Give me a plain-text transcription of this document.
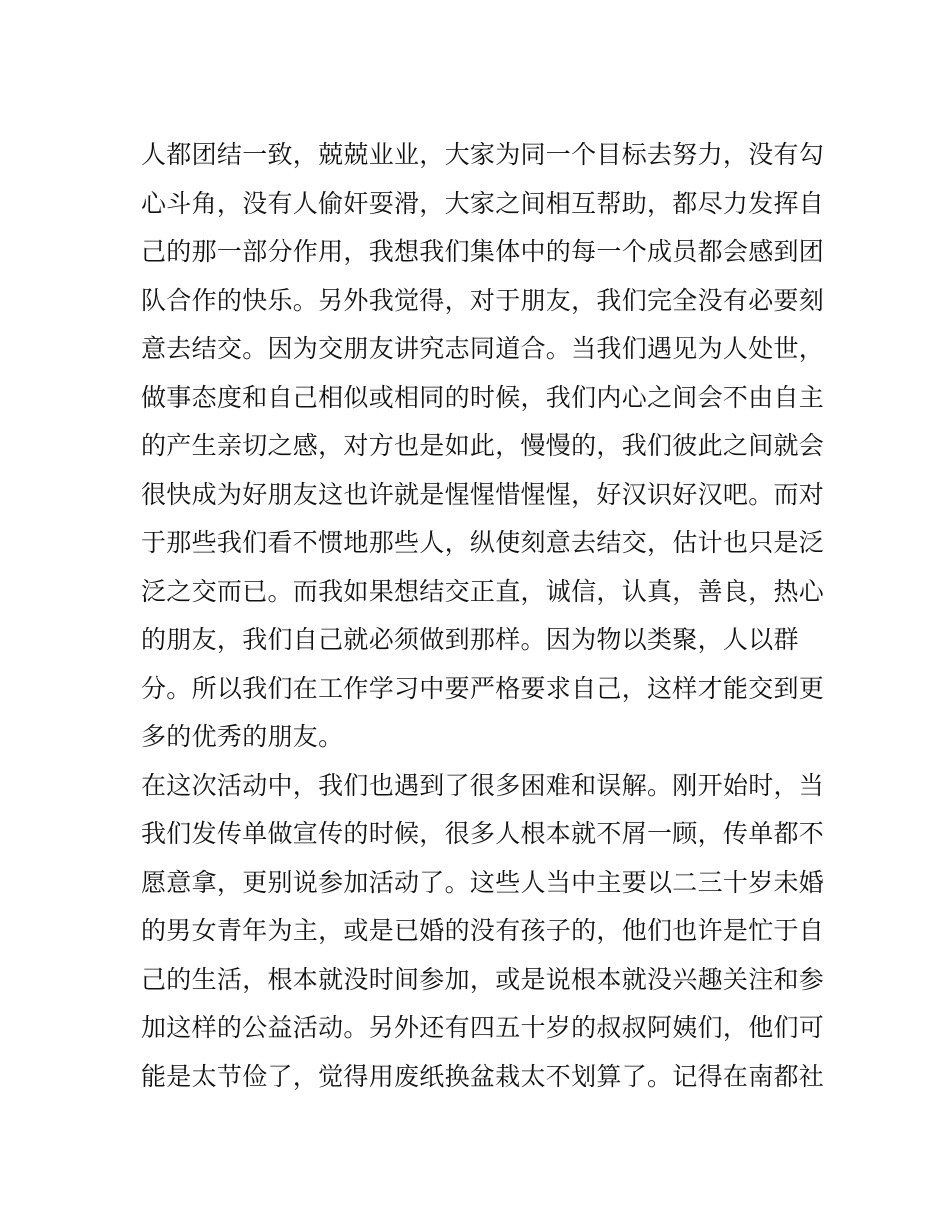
人都团结一致，兢兢业业，大家为同一个目标去努力，没有勾
心斗角，没有人偷奸耍滑，大家之间相互帮助，都尽力发挥自
己的那一部分作用，我想我们集体中的每一个成员都会感到团
队合作的快乐。另外我觉得，对于朋友，我们完全没有必要刻
意去结交。因为交朋友讲究志同道合。当我们遇见为人处世，
做事态度和自己相似或相同的时候，我们内心之间会不由自主
的产生亲切之感，对方也是如此，慢慢的，我们彼此之间就会
很快成为好朋友这也许就是惺惺惜惺惺，好汉识好汉吧。而对
于那些我们看不惯地那些人，纵使刻意去结交，估计也只是泛
泛之交而已。而我如果想结交正直，诚信，认真，善良，热心
的朋友，我们自己就必须做到那样。因为物以类聚，人以群
分。所以我们在工作学习中要严格要求自己，这样才能交到更
多的优秀的朋友。
在这次活动中，我们也遇到了很多困难和误解。刚开始时，当
我们发传单做宣传的时候，很多人根本就不屑一顾，传单都不
愿意拿，更别说参加活动了。这些人当中主要以二三十岁未婚
的男女青年为主，或是已婚的没有孩子的，他们也许是忙于自
己的生活，根本就没时间参加，或是说根本就没兴趣关注和参
加这样的公益活动。另外还有四五十岁的叔叔阿姨们，他们可
能是太节俭了，觉得用废纸换盆栽太不划算了。记得在南都社
